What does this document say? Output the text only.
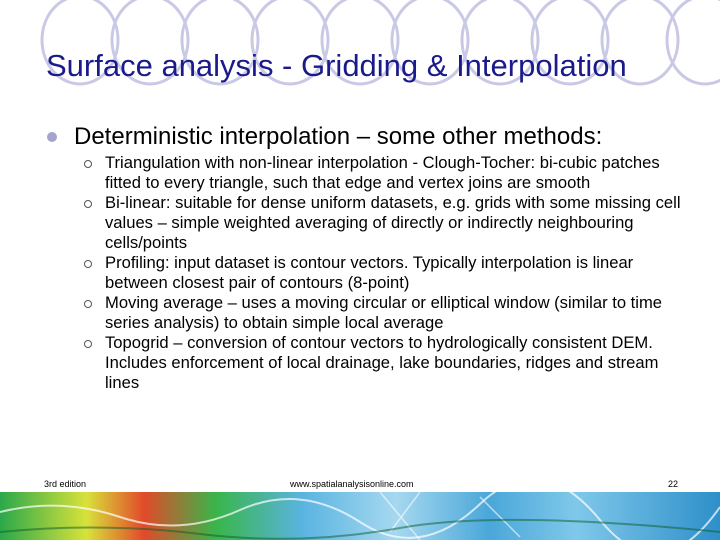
Surface analysis - Gridding & Interpolation
Deterministic interpolation – some other methods:
Triangulation with non-linear interpolation - Clough-Tocher: bi-cubic patches fitted to every triangle, such that edge and vertex joins are smooth
Bi-linear: suitable for dense uniform datasets, e.g. grids with some missing cell values – simple weighted averaging of directly or indirectly neighbouring cells/points
Profiling: input dataset is contour vectors. Typically interpolation is linear between closest pair of contours (8-point)
Moving average – uses a moving circular or elliptical window (similar to time series analysis) to obtain simple local average
Topogrid – conversion of contour vectors to hydrologically consistent DEM. Includes enforcement of local drainage, lake boundaries, ridges and stream lines
3rd edition	www.spatialanalysisonline.com	22
